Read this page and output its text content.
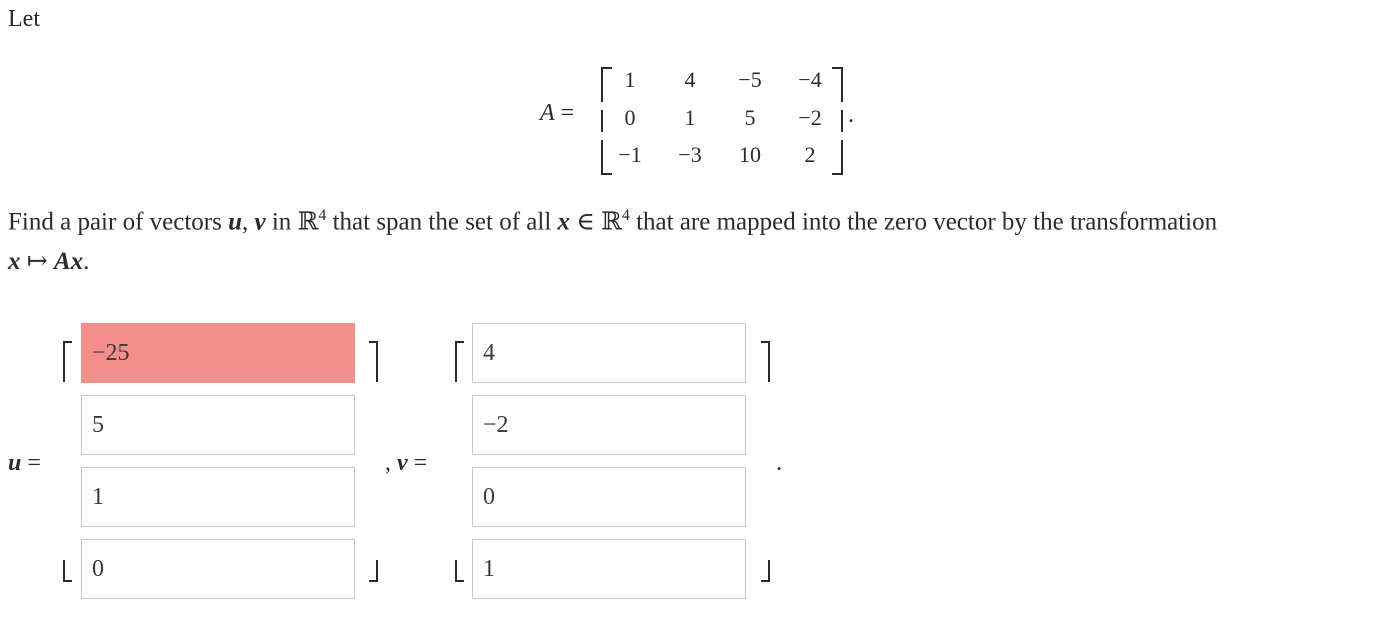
Let
A =
1	4	−5	−4
0	1	5	−2
−1	−3	10	2
.
Find a pair of vectors u, v in ℝ$^4$ that span the set of all x ∈ ℝ$^4$ that are mapped into the zero vector by the transformation
x ↦ Ax.
u =
−25
5
1
0	, v =
4
−2
0
1	.
